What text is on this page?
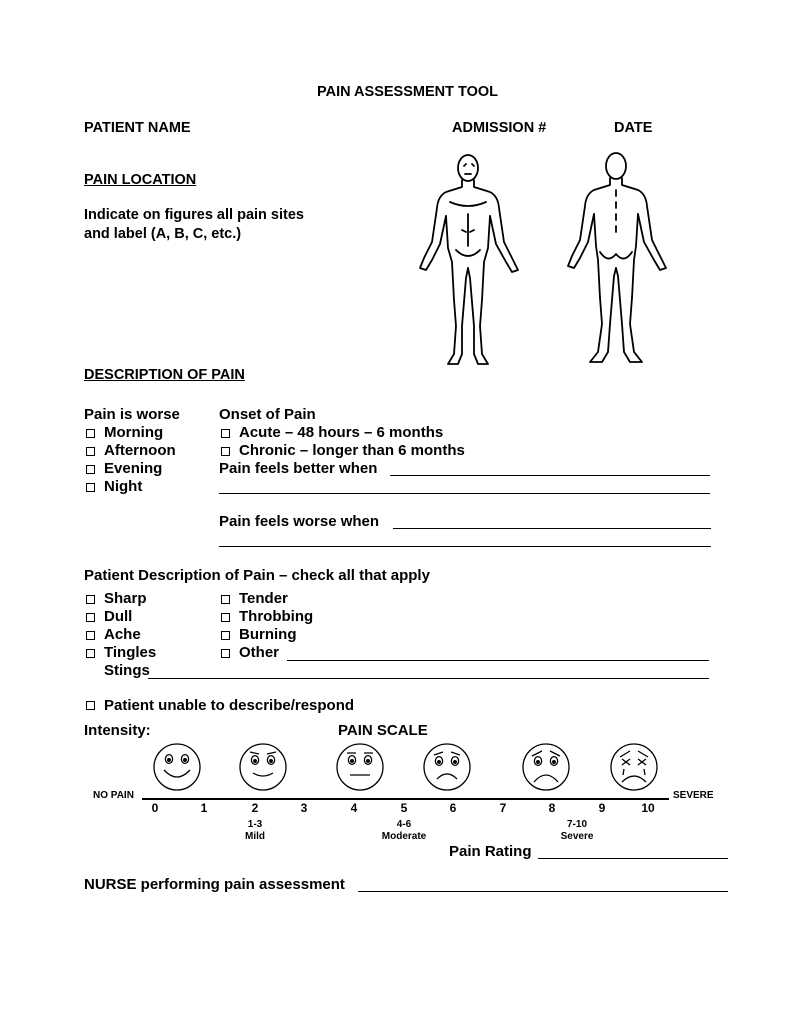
PAIN ASSESSMENT TOOL
PATIENT NAME	ADMISSION #	DATE
PAIN LOCATION
Indicate on figures all pain sites
and label (A, B, C, etc.)
DESCRIPTION OF PAIN
Pain is worse
Morning
Afternoon
Evening
Night
Onset of Pain
Acute – 48 hours – 6 months
Chronic – longer than 6 months
Pain feels better when
Pain feels worse when
Patient Description of Pain – check all that apply
Sharp
Dull
Ache
Tingles
Stings
Tender
Throbbing
Burning
Other
Patient unable to describe/respond
Intensity:	PAIN SCALE
NO PAIN	SEVERE
0	1	2	3	4	5	6	7	8	9	10
1-3
Mild
4-6
Moderate
7-10
Severe
Pain Rating
NURSE performing pain assessment
